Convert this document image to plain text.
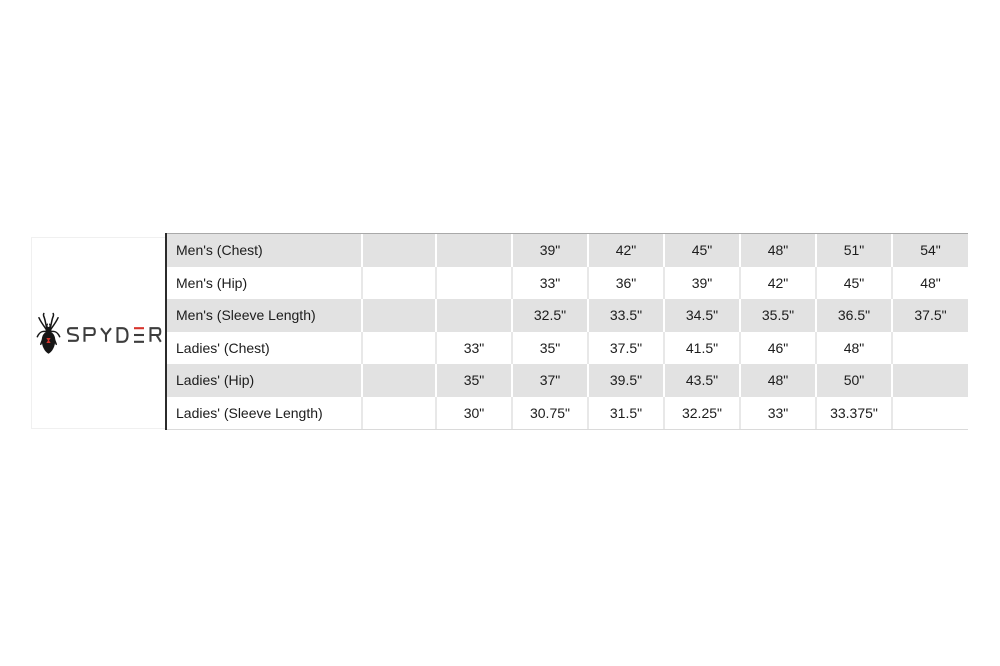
Men's (Chest)			39"	42"	45"	48"	51"	54"
Men's (Hip)			33"	36"	39"	42"	45"	48"
Men's (Sleeve Length)			32.5"	33.5"	34.5"	35.5"	36.5"	37.5"
Ladies' (Chest)		33"	35"	37.5"	41.5"	46"	48"	
Ladies' (Hip)		35"	37"	39.5"	43.5"	48"	50"	
Ladies' (Sleeve Length)		30"	30.75"	31.5"	32.25"	33"	33.375"	
